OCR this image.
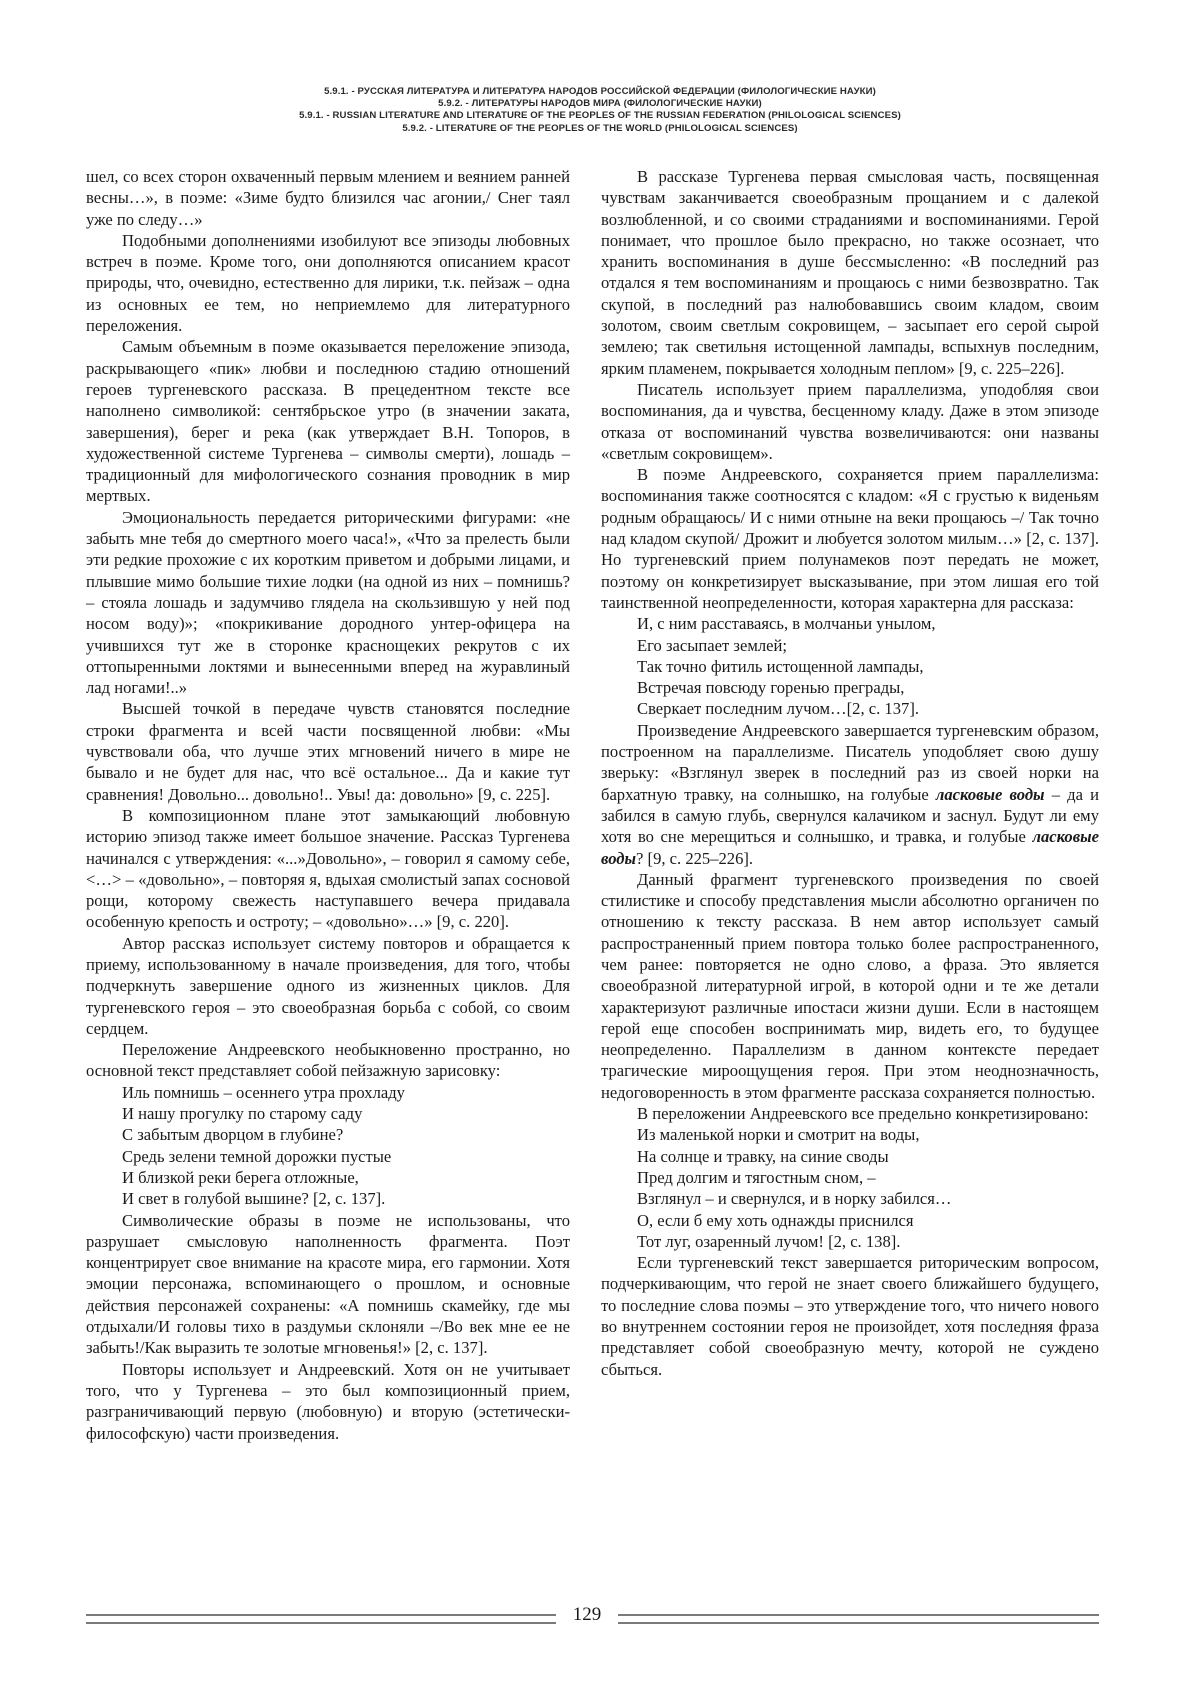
5.9.1. - РУССКАЯ ЛИТЕРАТУРА И ЛИТЕРАТУРА НАРОДОВ РОССИЙСКОЙ ФЕДЕРАЦИИ (ФИЛОЛОГИЧЕСКИЕ НАУКИ)
5.9.2. - ЛИТЕРАТУРЫ НАРОДОВ МИРА (ФИЛОЛОГИЧЕСКИЕ НАУКИ)
5.9.1. - RUSSIAN LITERATURE AND LITERATURE OF THE PEOPLES OF THE RUSSIAN FEDERATION (PHILOLOGICAL SCIENCES)
5.9.2. - LITERATURE OF THE PEOPLES OF THE WORLD (PHILOLOGICAL SCIENCES)

шел, со всех сторон охваченный первым млением и веянием ранней весны…», в поэме: «Зиме будто близился час агонии,/ Снег таял уже по следу…»

Подобными дополнениями изобилуют все эпизоды любовных встреч в поэме. Кроме того, они дополняются описанием красот природы, что, очевидно, естественно для лирики, т.к. пейзаж – одна из основных ее тем, но неприемлемо для литературного переложения.

Самым объемным в поэме оказывается переложение эпизода, раскрывающего «пик» любви и последнюю стадию отношений героев тургеневского рассказа. В прецедентном тексте все наполнено символикой: сентябрьское утро (в значении заката, завершения), берег и река (как утверждает В.Н. Топоров, в художественной системе Тургенева – символы смерти), лошадь – традиционный для мифологического сознания проводник в мир мертвых.

Эмоциональность передается риторическими фигурами: «не забыть мне тебя до смертного моего часа!», «Что за прелесть были эти редкие прохожие с их коротким приветом и добрыми лицами, и плывшие мимо большие тихие лодки (на одной из них – помнишь? – стояла лошадь и задумчиво глядела на скользившую у ней под носом воду)»; «покрикивание дородного унтер-офицера на учившихся тут же в сторонке краснощеких рекрутов с их оттопыренными локтями и вынесенными вперед на журавлиный лад ногами!..»

Высшей точкой в передаче чувств становятся последние строки фрагмента и всей части посвященной любви: «Мы чувствовали оба, что лучше этих мгновений ничего в мире не бывало и не будет для нас, что всё остальное... Да и какие тут сравнения! Довольно... довольно!.. Увы! да: довольно» [9, с. 225].

В композиционном плане этот замыкающий любовную историю эпизод также имеет большое значение. Рассказ Тургенева начинался с утверждения: «...»Довольно», – говорил я самому себе,<…> – «довольно», – повторяя я, вдыхая смолистый запах сосновой рощи, которому свежесть наступавшего вечера придавала особенную крепость и остроту; – «довольно»…» [9, с. 220].

Автор рассказ использует систему повторов и обращается к приему, использованному в начале произведения, для того, чтобы подчеркнуть завершение одного из жизненных циклов. Для тургеневского героя – это своеобразная борьба с собой, со своим сердцем.

Переложение Андреевского необыкновенно пространно, но основной текст представляет собой пейзажную зарисовку:

Иль помнишь – осеннего утра прохладу
И нашу прогулку по старому саду
С забытым дворцом в глубине?
Средь зелени темной дорожки пустые
И близкой реки берега отложные,
И свет в голубой вышине? [2, с. 137].

Символические образы в поэме не использованы, что разрушает смысловую наполненность фрагмента. Поэт концентрирует свое внимание на красоте мира, его гармонии. Хотя эмоции персонажа, вспоминающего о прошлом, и основные действия персонажей сохранены: «А помнишь скамейку, где мы отдыхали/И головы тихо в раздумьи склоняли –/Во век мне ее не забыть!/Как выразить те золотые мгновенья!» [2, с. 137].

Повторы использует и Андреевский. Хотя он не учитывает того, что у Тургенева – это был композиционный прием, разграничивающий первую (любовную) и вторую (эстетически-философскую) части произведения.

В рассказе Тургенева первая смысловая часть, посвященная чувствам заканчивается своеобразным прощанием и с далекой возлюбленной, и со своими страданиями и воспоминаниями. Герой понимает, что прошлое было прекрасно, но также осознает, что хранить воспоминания в душе бессмысленно: «В последний раз отдался я тем воспоминаниям и прощаюсь с ними безвозвратно. Так скупой, в последний раз налюбовавшись своим кладом, своим золотом, своим светлым сокровищем, – засыпает его серой сырой землею; так светильня истощенной лампады, вспыхнув последним, ярким пламенем, покрывается холодным пеплом» [9, с. 225–226].

Писатель использует прием параллелизма, уподобляя свои воспоминания, да и чувства, бесценному кладу. Даже в этом эпизоде отказа от воспоминаний чувства возвеличиваются: они названы «светлым сокровищем».

В поэме Андреевского, сохраняется прием параллелизма: воспоминания также соотносятся с кладом: «Я с грустью к виденьям родным обращаюсь/ И с ними отныне на веки прощаюсь –/ Так точно над кладом скупой/ Дрожит и любуется золотом милым…» [2, с. 137]. Но тургеневский прием полунамеков поэт передать не может, поэтому он конкретизирует высказывание, при этом лишая его той таинственной неопределенности, которая характерна для рассказа:

И, с ним расставаясь, в молчаньи унылом,
Его засыпает землей;
Так точно фитиль истощенной лампады,
Встречая повсюду горенью преграды,
Сверкает последним лучом…[2, с. 137].

Произведение Андреевского завершается тургеневским образом, построенном на параллелизме. Писатель уподобляет свою душу зверьку: «Взглянул зверек в последний раз из своей норки на бархатную травку, на солнышко, на голубые ласковые воды – да и забился в самую глубь, свернулся калачиком и заснул. Будут ли ему хотя во сне мерещиться и солнышко, и травка, и голубые ласковые воды? [9, с. 225–226].

Данный фрагмент тургеневского произведения по своей стилистике и способу представления мысли абсолютно органичен по отношению к тексту рассказа. В нем автор использует самый распространенный прием повтора только более распространенного, чем ранее: повторяется не одно слово, а фраза. Это является своеобразной литературной игрой, в которой одни и те же детали характеризуют различные ипостаси жизни души. Если в настоящем герой еще способен воспринимать мир, видеть его, то будущее неопределенно. Параллелизм в данном контексте передает трагические мироощущения героя. При этом неоднозначность, недоговоренность в этом фрагменте рассказа сохраняется полностью.

В переложении Андреевского все предельно конкретизировано:

Из маленькой норки и смотрит на воды,
На солнце и травку, на синие своды
Пред долгим и тягостным сном, –
Взглянул – и свернулся, и в норку забился…
О, если б ему хоть однажды приснился
Тот луг, озаренный лучом! [2, с. 138].

Если тургеневский текст завершается риторическим вопросом, подчеркивающим, что герой не знает своего ближайшего будущего, то последние слова поэмы – это утверждение того, что ничего нового во внутреннем состоянии героя не произойдет, хотя последняя фраза представляет собой своеобразную мечту, которой не суждено сбыться.

129
